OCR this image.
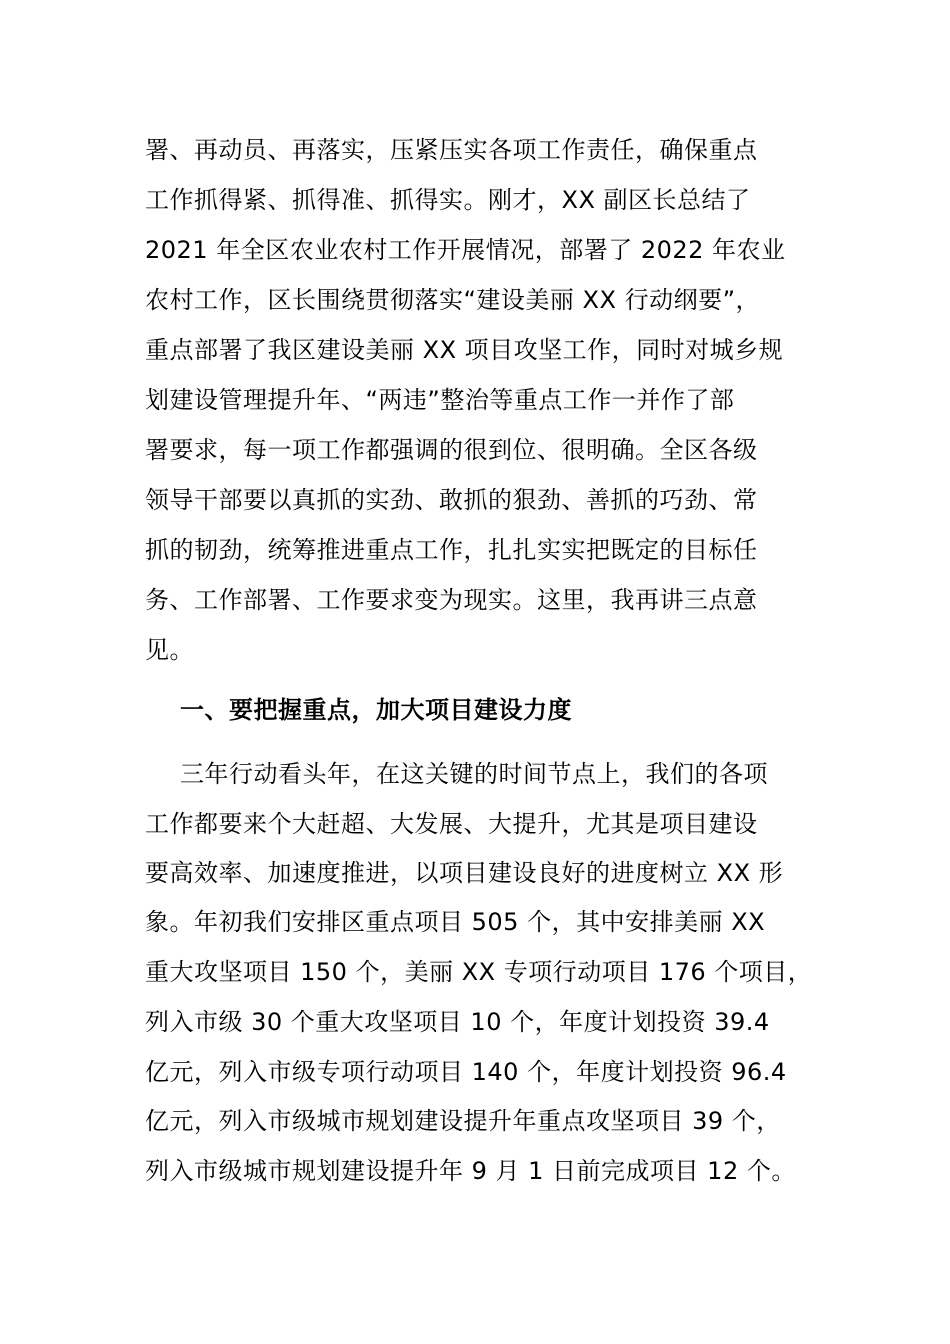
署、再动员、再落实，压紧压实各项工作责任，确保重点
工作抓得紧、抓得准、抓得实。刚才，XX 副区长总结了
2021 年全区农业农村工作开展情况，部署了 2022 年农业
农村工作，区长围绕贯彻落实“建设美丽 XX 行动纲要”，
重点部署了我区建设美丽 XX 项目攻坚工作，同时对城乡规
划建设管理提升年、“两违”整治等重点工作一并作了部
署要求，每一项工作都强调的很到位、很明确。全区各级
领导干部要以真抓的实劲、敢抓的狠劲、善抓的巧劲、常
抓的韧劲，统筹推进重点工作，扎扎实实把既定的目标任
务、工作部署、工作要求变为现实。这里，我再讲三点意
见。
一、要把握重点，加大项目建设力度
三年行动看头年，在这关键的时间节点上，我们的各项
工作都要来个大赶超、大发展、大提升，尤其是项目建设
要高效率、加速度推进，以项目建设良好的进度树立 XX 形
象。年初我们安排区重点项目 505 个，其中安排美丽 XX
重大攻坚项目 150 个，美丽 XX 专项行动项目 176 个项目，
列入市级 30 个重大攻坚项目 10 个，年度计划投资 39.4
亿元，列入市级专项行动项目 140 个，年度计划投资 96.4
亿元，列入市级城市规划建设提升年重点攻坚项目 39 个，
列入市级城市规划建设提升年 9 月 1 日前完成项目 12 个。
